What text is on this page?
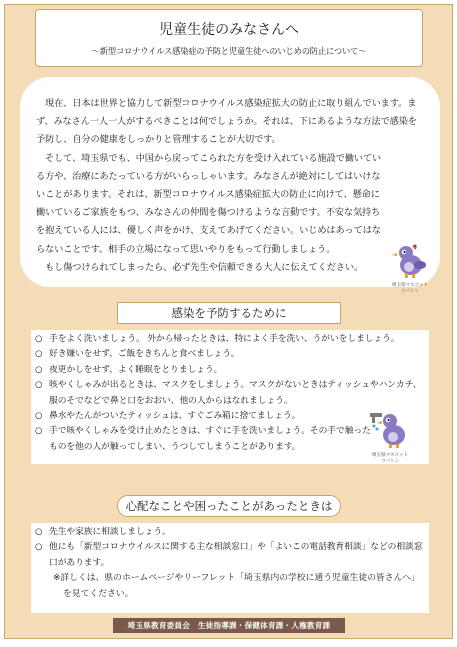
児童生徒のみなさんへ
～新型コロナウイルス感染症の予防と児童生徒へのいじめの防止について～

現在、日本は世界と協力して新型コロナウイルス感染症拡大の防止に取り組んでいます。まず、みなさん一人一人がするべきことは何でしょうか。それは、下にあるような方法で感染を予防し、自分の健康をしっかりと管理することが大切です。

そして、埼玉県でも、中国から戻ってこられた方を受け入れている施設で働いている方や、治療にあたっている方がいらっしゃいます。みなさんが絶対にしてはいけないことがあります。それは、新型コロナウイルス感染症拡大の防止に向けて、懸命に働いているご家族をもつ、みなさんの仲間を傷つけるような言動です。不安な気持ちを抱えている人には、優しく声をかけ、支えてあげてください。いじめはあってはならないことです。相手の立場になって思いやりをもって行動しましょう。

もし傷つけられてしまったら、必ず先生や信頼できる大人に伝えてください。

埼玉県マスコット
コバトン
感染を予防するために
○ 手をよく洗いましょう。 外から帰ったときは、特によく手を洗い、うがいをしましょう。
○ 好き嫌いをせず、ご飯をきちんと食べましょう。
○ 夜更かしをせず、よく睡眠をとりましょう。
○ 咳やくしゃみが出るときは、マスクをしましょう。マスクがないときはティッシュやハンカチ、服のそでなどで鼻と口をおおい、他の人からはなれましょう。
○ 鼻水やたんがついたティッシュは、すぐごみ箱に捨てましょう。
○ 手で咳やくしゃみを受け止めたときは、すぐに手を洗いましょう。その手で触ったものを他の人が触ってしまい、うつしてしまうことがあります。
埼玉県マスコット
コバトン
心配なことや困ったことがあったときは
○ 先生や家族に相談しましょう。
○ 他にも「新型コロナウイルスに関する主な相談窓口」や「よいこの電話教育相談」などの相談窓口があります。
※詳しくは、県のホームページやリーフレット「埼玉県内の学校に通う児童生徒の皆さんへ」を見てください。
埼玉県教育委員会　生徒指導課・保健体育課・人権教育課
